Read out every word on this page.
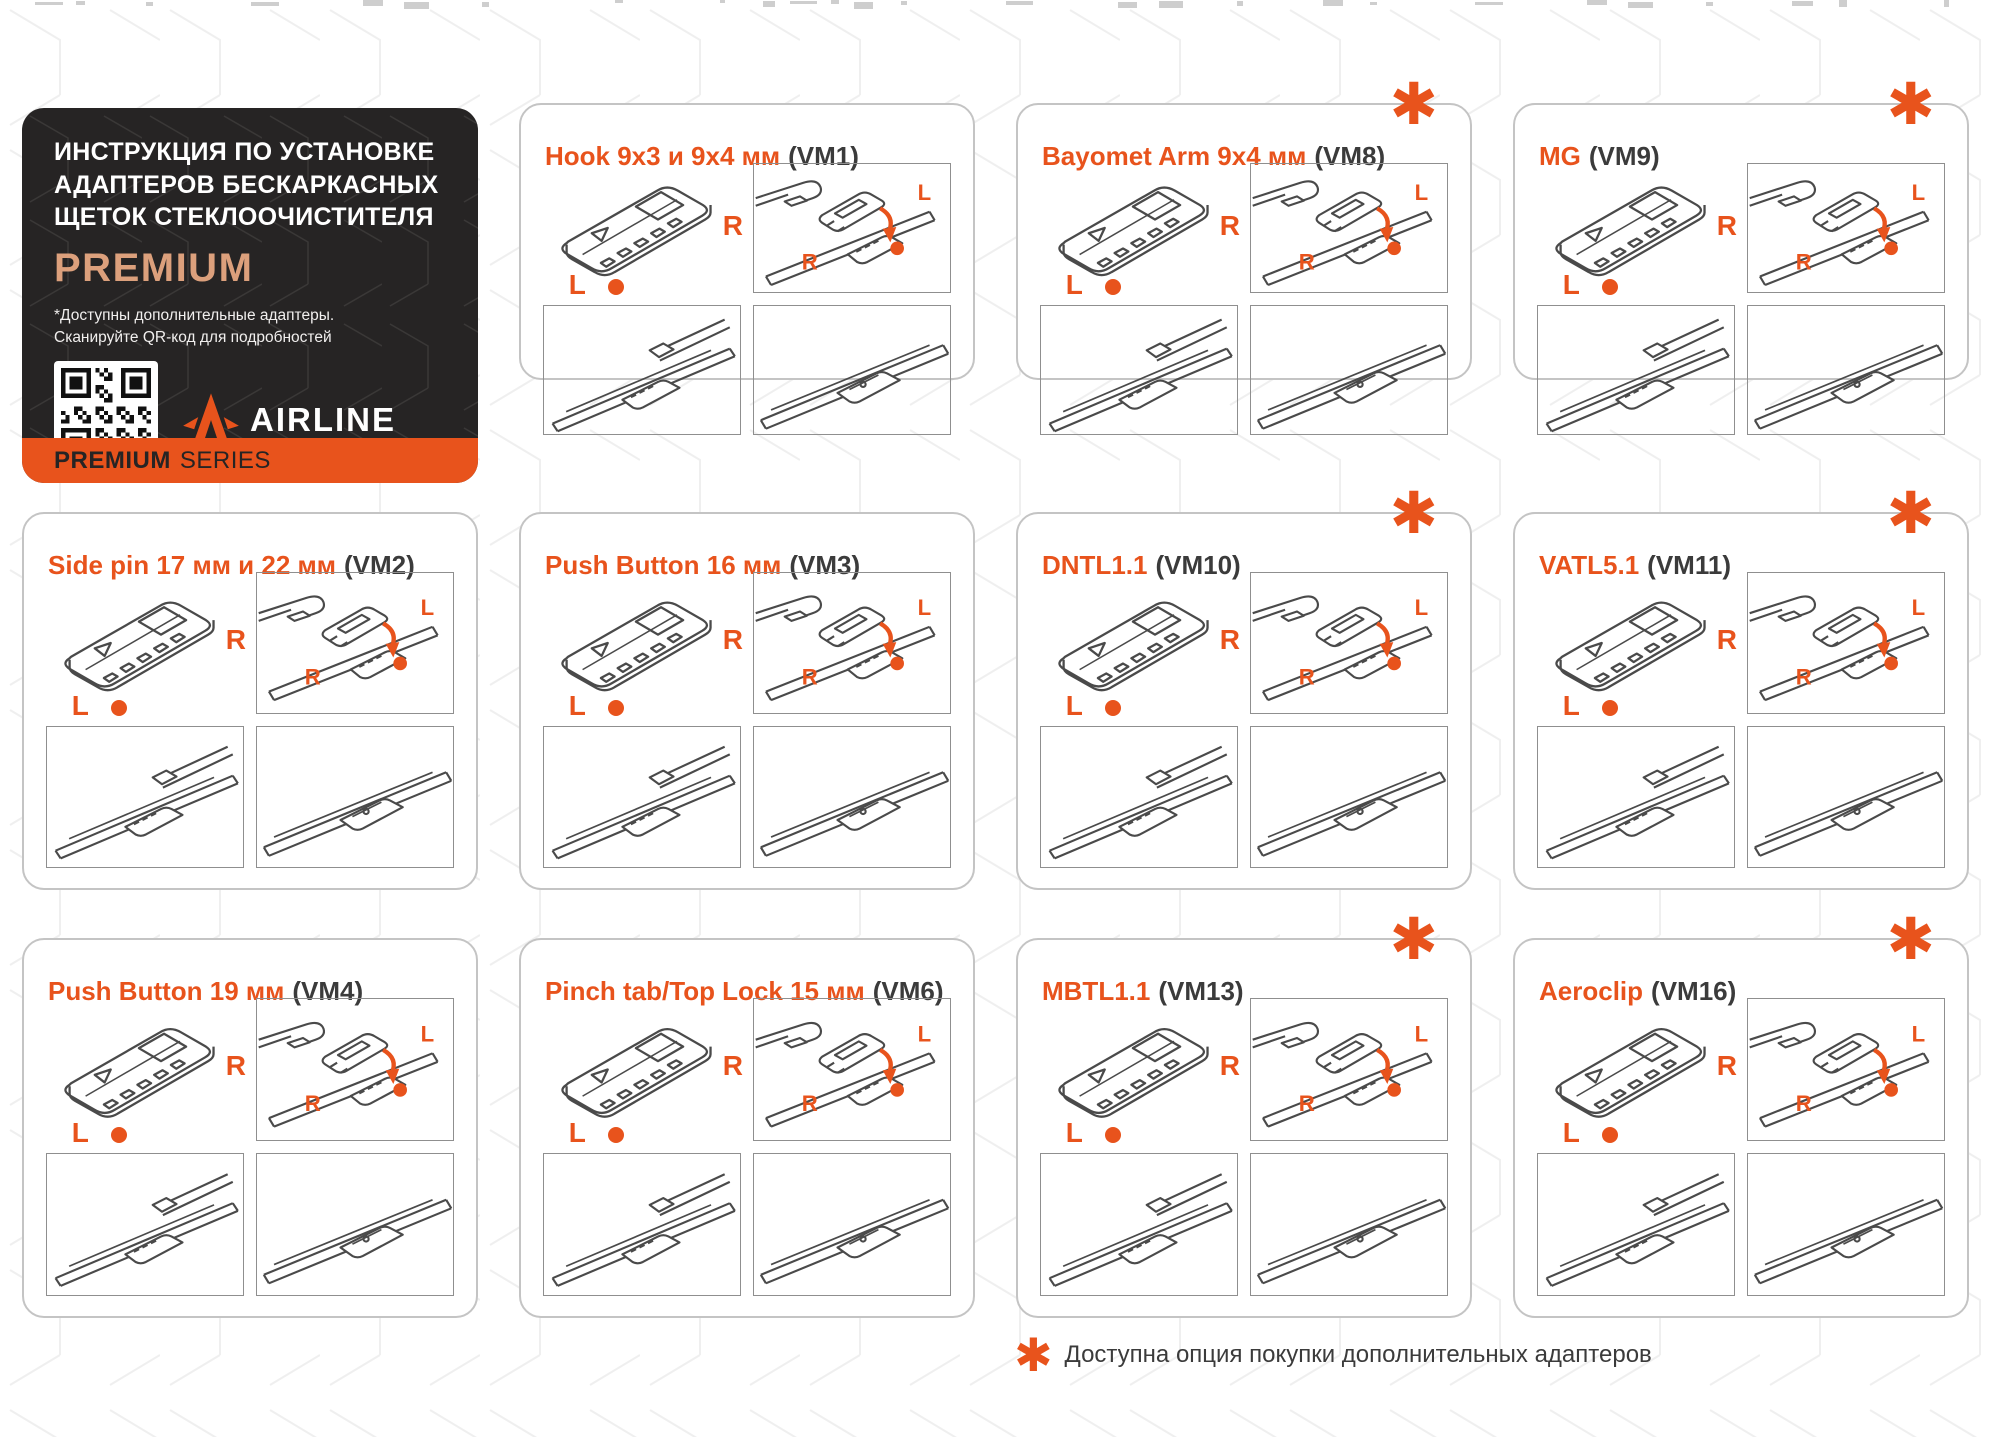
ИНСТРУКЦИЯ ПО УСТАНОВКЕ
АДАПТЕРОВ БЕСКАРКАСНЫХ
ЩЕТОК СТЕКЛООЧИСТИТЕЛЯ
PREMIUM
*Доступны дополнительные адаптеры.
Сканируйте QR-код для подробностей
AIRLINE
PREMIUM SERIES
Hook 9x3 и 9x4 мм (VM1)
R
L
L
R
✱
Bayomet Arm 9x4 мм (VM8)
R
L
L
R
✱
MG (VM9)
R
L
L
R
Side pin 17 мм и 22 мм (VM2)
R
L
L
R
Push Button 16 мм (VM3)
R
L
L
R
✱
DNTL1.1 (VM10)
R
L
L
R
✱
VATL5.1 (VM11)
R
L
L
R
Push Button 19 мм (VM4)
R
L
L
R
Pinch tab/Top Lock 15 мм (VM6)
R
L
L
R
✱
MBTL1.1 (VM13)
R
L
L
R
✱
Aeroclip (VM16)
R
L
L
R
✱ Доступна опция покупки дополнительных адаптеров
